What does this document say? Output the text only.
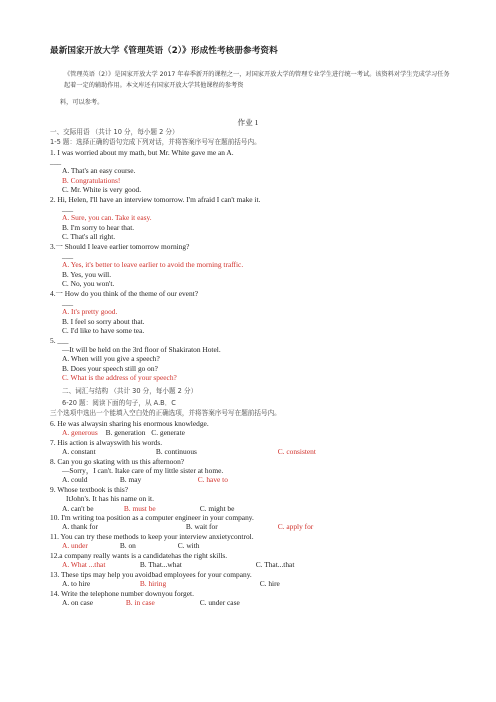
最新国家开放大学《管理英语（2）》形成性考核册参考资料
《管理英语（2）》是国家开放大学 2017 年春季新开的课程之一，对国家开放大学的管理专业学生进行统一考试。该资料对学生完成学习任务起着一定的辅助作用。本文库还有国家开放大学其他课程的参考资
料，可以参考。
作业 1
一、交际用语 （共计 10 分，每小题 2 分）
1-5 题：选择正确的语句完成下列对话，并将答案序号写在题前括号内。
1. I was worried about my math, but Mr. White gave me an A.
___
A. That's an easy course.
B. Congratulations!
C. Mr. White is very good.
2. Hi, Helen, I'll have an interview tomorrow. I'm afraid I can't make it.
___
A. Sure, you can. Take it easy.
B. I'm sorry to hear that.
C. That's all right.
3.一 Should I leave earlier tomorrow morning?
___
A. Yes, it's better to leave earlier to avoid the morning traffic.
B. Yes, you will.
C. No, you won't.
4.一 How do you think of the theme of our event?
___
A. It's pretty good.
B. I feel so sorry about that.
C. I'd like to have some tea.
5. ___
—It will be held on the 3rd floor of Shakiraton Hotel.
A. When will you give a speech?
B. Does your speech still go on?
C. What is the address of your speech?
二、词汇与结构 （共计 30 分，每小题 2 分）
6-20 题：阅读下面的句子，从 A.B．C
三个选项中选出一个能填入空白处的正确选项，并将答案序号写在题前括号内。
6. He was alwaysin sharing his enormous knowledge.
A. generous B. generation C. generate
7. His action is alwayswith his words.
A. constant	B. continuous	C. consistent
8. Can you go skating with us this afternoon?
—Sorry，I can't. Itake care of my little sister at home.
A. could	B. may	C. have to
9. Whose textbook is this?
ItJohn's. It has his name on it.
A. can't be	B. must be	C. might be
10. I'm writing toa position as a computer engineer in your company.
A. thank for	B. wait for	C. apply for
11. You can try these methods to keep your interview anxietycontrol.
A. under	B. on	C. with
12.a company really wants is a candidatehas the right skills.
A. What ...that	B. That...what	C. That...that
13. These tips may help you avoidbad employees for your company.
A. to hire	B. hiring	C. hire
14. Write the telephone number downyou forget.
A. on case	B. in case	C. under case
